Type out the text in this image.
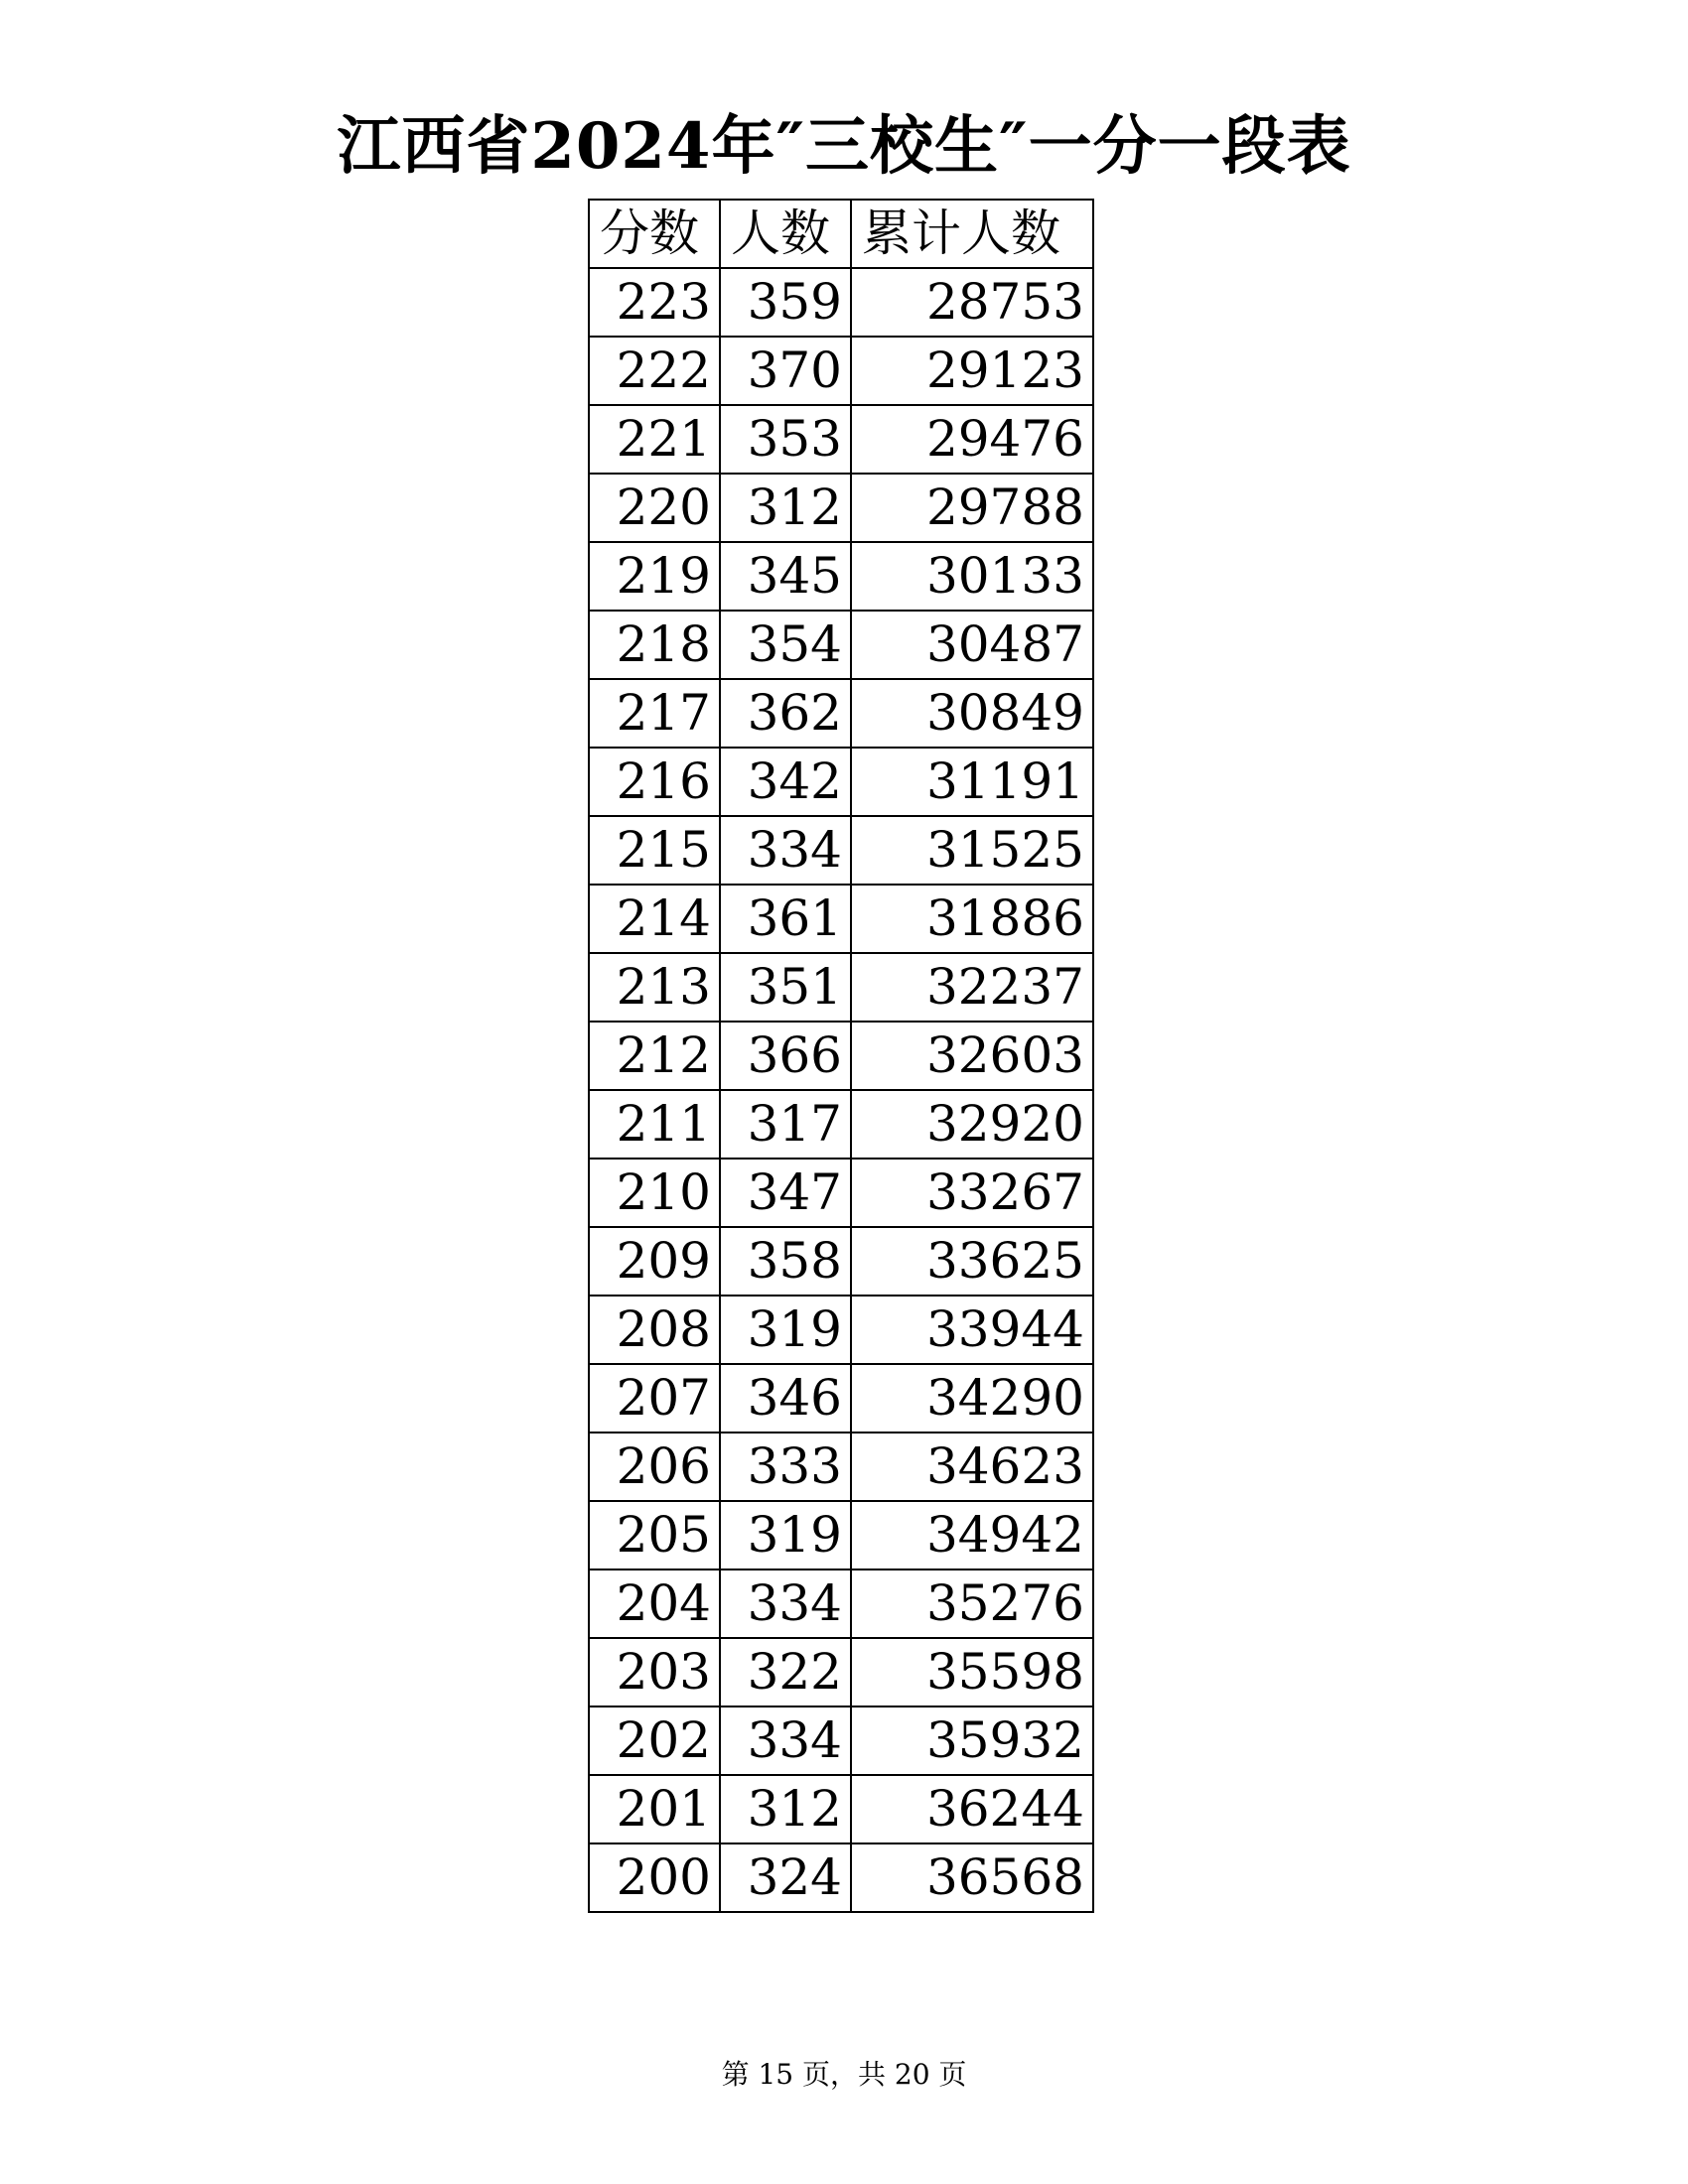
江西省2024年″三校生″一分一段表
分数	人数	累计人数
223	359	28753
222	370	29123
221	353	29476
220	312	29788
219	345	30133
218	354	30487
217	362	30849
216	342	31191
215	334	31525
214	361	31886
213	351	32237
212	366	32603
211	317	32920
210	347	33267
209	358	33625
208	319	33944
207	346	34290
206	333	34623
205	319	34942
204	334	35276
203	322	35598
202	334	35932
201	312	36244
200	324	36568
第 15 页，共 20 页
